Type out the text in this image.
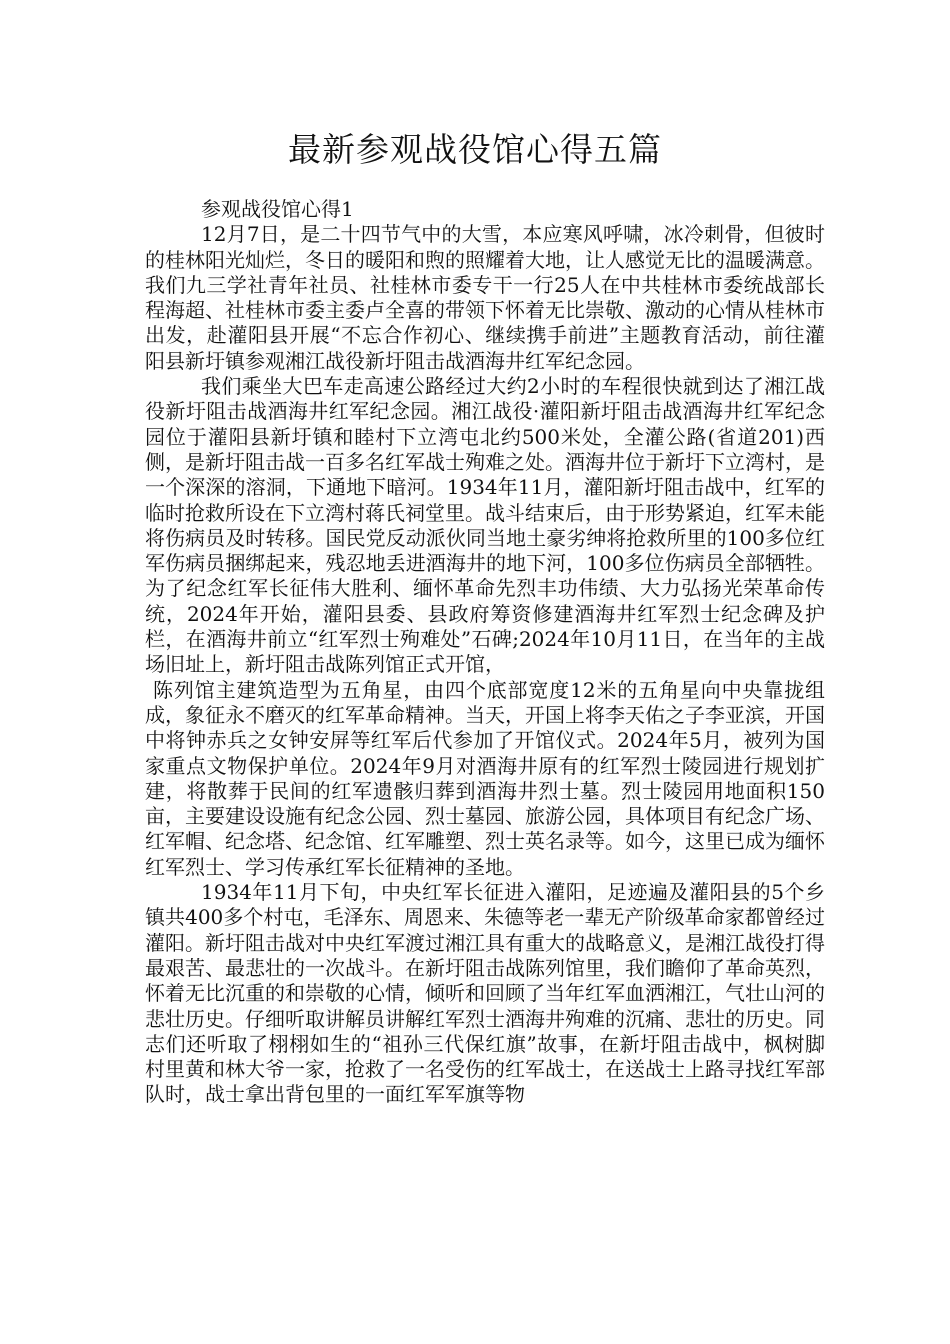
最新参观战役馆心得五篇

参观战役馆心得1

12月7日，是二十四节气中的大雪，本应寒风呼啸，冰冷刺骨，但彼时的桂林阳光灿烂，冬日的暖阳和煦的照耀着大地，让人感觉无比的温暖满意。我们九三学社青年社员、社桂林市委专干一行25人在中共桂林市委统战部长程海超、社桂林市委主委卢全喜的带领下怀着无比崇敬、激动的心情从桂林市出发，赴灌阳县开展“不忘合作初心、继续携手前进”主题教育活动，前往灌阳县新圩镇参观湘江战役新圩阻击战酒海井红军纪念园。

我们乘坐大巴车走高速公路经过大约2小时的车程很快就到达了湘江战役新圩阻击战酒海井红军纪念园。湘江战役·灌阳新圩阻击战酒海井红军纪念园位于灌阳县新圩镇和睦村下立湾屯北约500米处，全灌公路(省道201)西侧，是新圩阻击战一百多名红军战士殉难之处。酒海井位于新圩下立湾村，是一个深深的溶洞，下通地下暗河。1934年11月，灌阳新圩阻击战中，红军的临时抢救所设在下立湾村蒋氏祠堂里。战斗结束后，由于形势紧迫，红军未能将伤病员及时转移。国民党反动派伙同当地土豪劣绅将抢救所里的100多位红军伤病员捆绑起来，残忍地丢进酒海井的地下河，100多位伤病员全部牺牲。为了纪念红军长征伟大胜利、缅怀革命先烈丰功伟绩、大力弘扬光荣革命传统，2024年开始，灌阳县委、县政府筹资修建酒海井红军烈士纪念碑及护栏，在酒海井前立“红军烈士殉难处”石碑;2024年10月11日，在当年的主战场旧址上，新圩阻击战陈列馆正式开馆，

陈列馆主建筑造型为五角星，由四个底部宽度12米的五角星向中央靠拢组成，象征永不磨灭的红军革命精神。当天，开国上将李天佑之子李亚滨，开国中将钟赤兵之女钟安屏等红军后代参加了开馆仪式。2024年5月，被列为国家重点文物保护单位。2024年9月对酒海井原有的红军烈士陵园进行规划扩建，将散葬于民间的红军遗骸归葬到酒海井烈士墓。烈士陵园用地面积150亩，主要建设设施有纪念公园、烈士墓园、旅游公园，具体项目有纪念广场、红军帽、纪念塔、纪念馆、红军雕塑、烈士英名录等。如今，这里已成为缅怀红军烈士、学习传承红军长征精神的圣地。

1934年11月下旬，中央红军长征进入灌阳，足迹遍及灌阳县的5个乡镇共400多个村屯，毛泽东、周恩来、朱德等老一辈无产阶级革命家都曾经过灌阳。新圩阻击战对中央红军渡过湘江具有重大的战略意义，是湘江战役打得最艰苦、最悲壮的一次战斗。在新圩阻击战陈列馆里，我们瞻仰了革命英烈，怀着无比沉重的和崇敬的心情，倾听和回顾了当年红军血洒湘江，气壮山河的悲壮历史。仔细听取讲解员讲解红军烈士酒海井殉难的沉痛、悲壮的历史。同志们还听取了栩栩如生的“祖孙三代保红旗”故事，在新圩阻击战中，枫树脚村里黄和林大爷一家，抢救了一名受伤的红军战士，在送战士上路寻找红军部队时，战士拿出背包里的一面红军军旗等物
